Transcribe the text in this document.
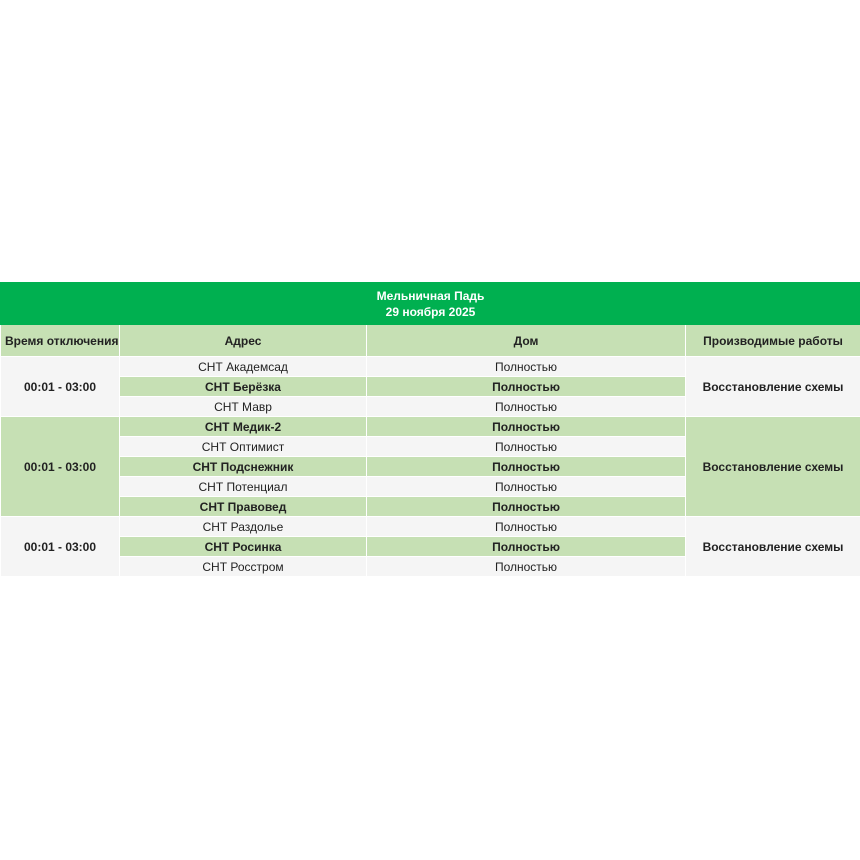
Мельничная Падь
29 ноября 2025			

Время отключения	Адрес	Дом	Производимые работы
00:01 - 03:00	СНТ Академсад	Полностью	Восстановление схемы
	СНТ Берёзка	Полностью	
	СНТ Мавр	Полностью	
00:01 - 03:00	СНТ Медик-2	Полностью	Восстановление схемы
	СНТ Оптимист	Полностью	
	СНТ Подснежник	Полностью	
	СНТ Потенциал	Полностью	
	СНТ Правовед	Полностью	
00:01 - 03:00	СНТ Раздолье	Полностью	Восстановление схемы
	СНТ Росинка	Полностью	
	СНТ Росстром	Полностью	
